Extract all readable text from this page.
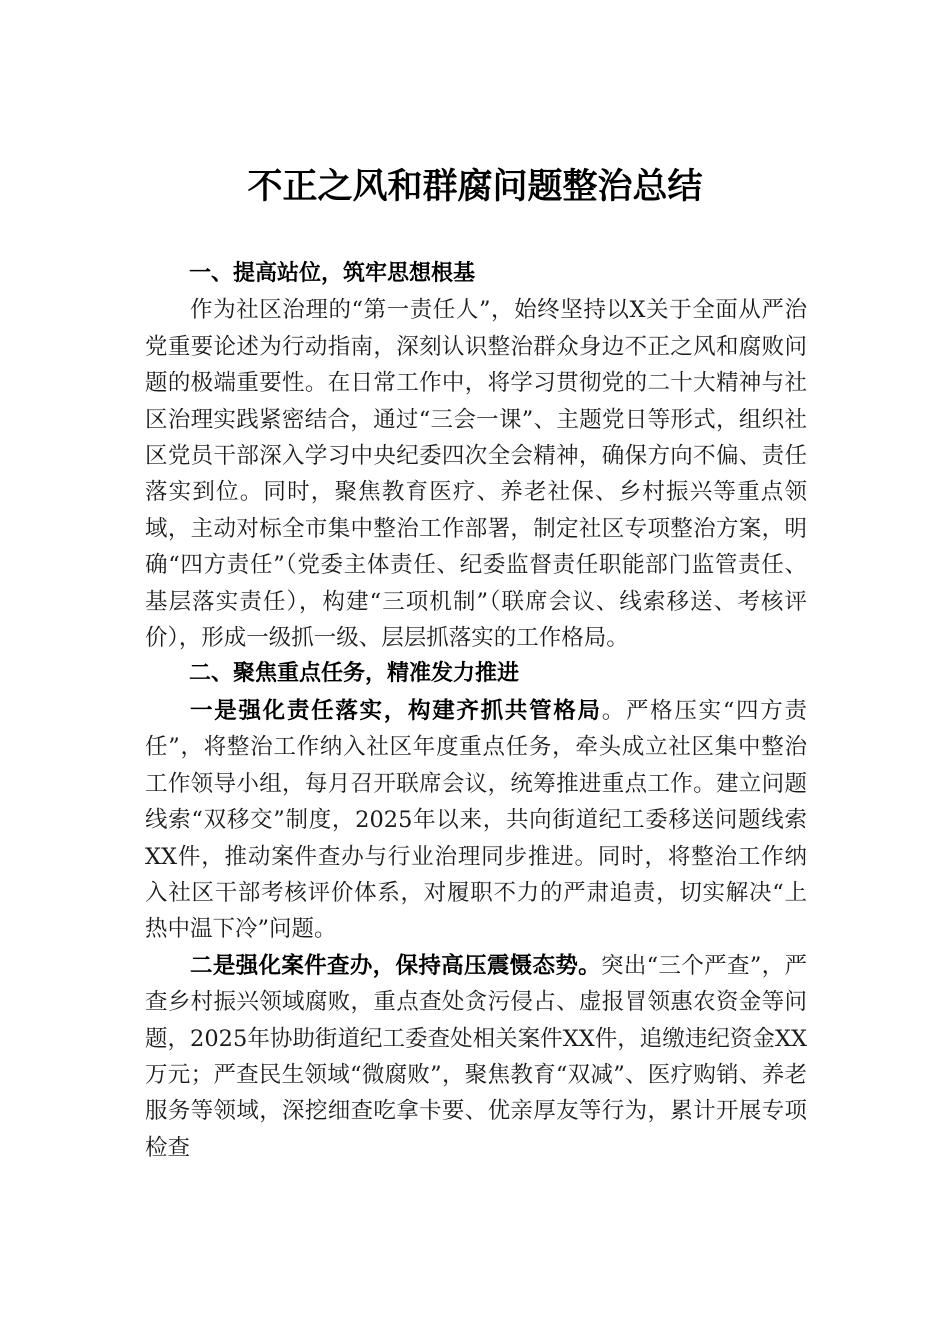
不正之风和群腐问题整治总结

一、提高站位，筑牢思想根基

作为社区治理的“第一责任人”，始终坚持以X关于全面从严治党重要论述为行动指南，深刻认识整治群众身边不正之风和腐败问题的极端重要性。在日常工作中，将学习贯彻党的二十大精神与社区治理实践紧密结合，通过“三会一课”、主题党日等形式，组织社区党员干部深入学习中央纪委四次全会精神，确保方向不偏、责任落实到位。同时，聚焦教育医疗、养老社保、乡村振兴等重点领域，主动对标全市集中整治工作部署，制定社区专项整治方案，明确“四方责任”（党委主体责任、纪委监督责任职能部门监管责任、基层落实责任），构建“三项机制”（联席会议、线索移送、考核评价），形成一级抓一级、层层抓落实的工作格局。

二、聚焦重点任务，精准发力推进

一是强化责任落实，构建齐抓共管格局。严格压实“四方责任”，将整治工作纳入社区年度重点任务，牵头成立社区集中整治工作领导小组，每月召开联席会议，统筹推进重点工作。建立问题线索“双移交”制度，2025年以来，共向街道纪工委移送问题线索XX件，推动案件查办与行业治理同步推进。同时，将整治工作纳入社区干部考核评价体系，对履职不力的严肃追责，切实解决“上热中温下冷”问题。

二是强化案件查办，保持高压震慑态势。突出“三个严查”，严查乡村振兴领域腐败，重点查处贪污侵占、虚报冒领惠农资金等问题，2025年协助街道纪工委查处相关案件XX件，追缴违纪资金XX万元；严查民生领域“微腐败”，聚焦教育“双减”、医疗购销、养老服务等领域，深挖细查吃拿卡要、优亲厚友等行为，累计开展专项检查
